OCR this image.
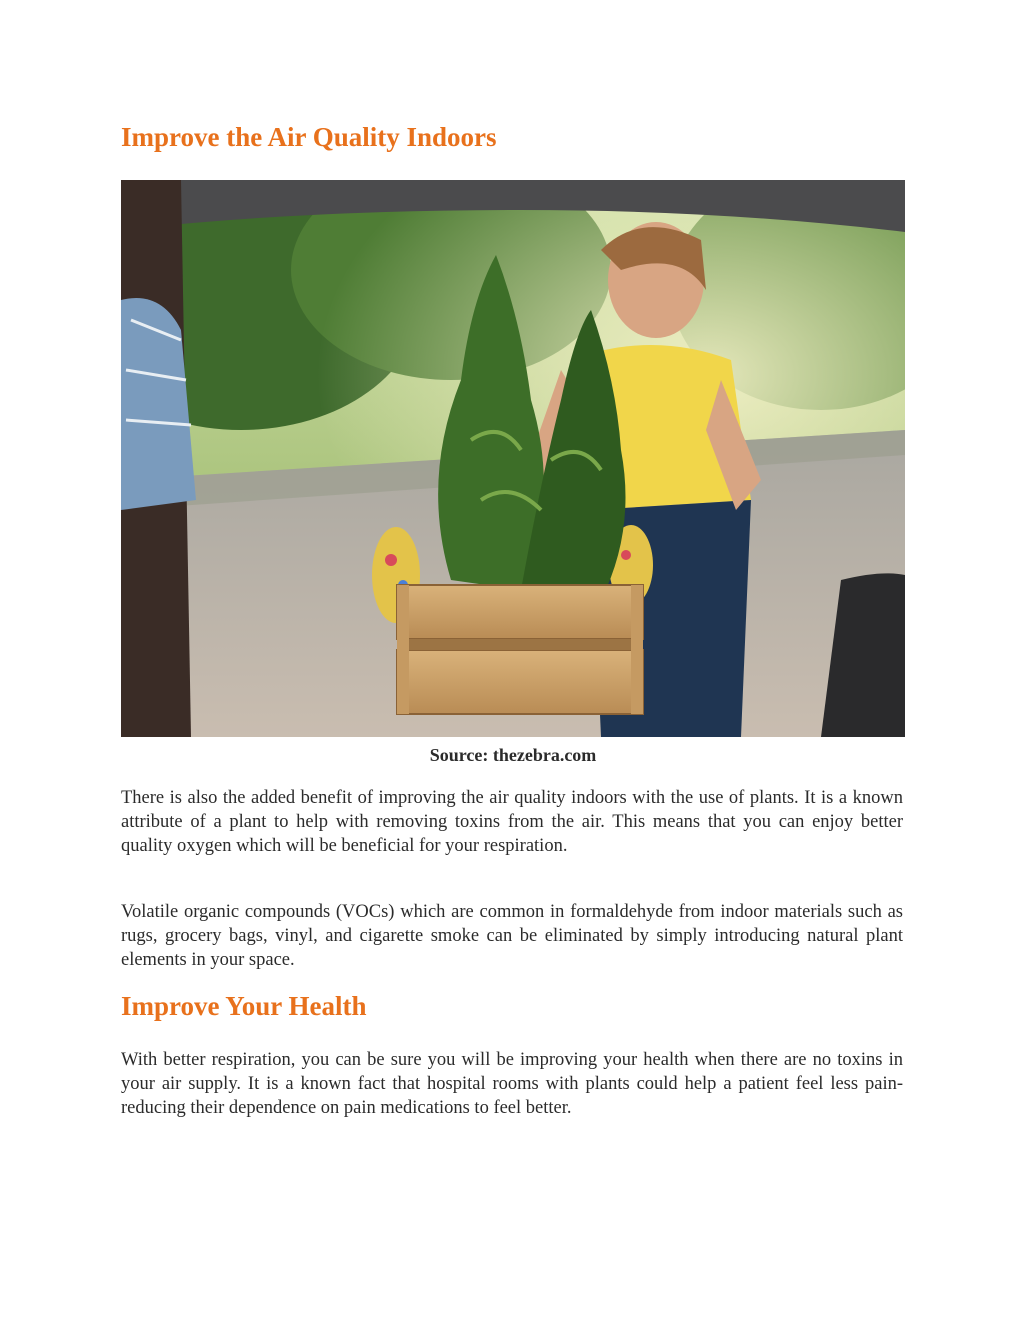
Improve the Air Quality Indoors
Source: thezebra.com

There is also the added benefit of improving the air quality indoors with the use of plants. It is a known attribute of a plant to help with removing toxins from the air. This means that you can enjoy better quality oxygen which will be beneficial for your respiration.

Volatile organic compounds (VOCs) which are common in formaldehyde from indoor materials such as rugs, grocery bags, vinyl, and cigarette smoke can be eliminated by simply introducing natural plant elements in your space.

Improve Your Health

With better respiration, you can be sure you will be improving your health when there are no toxins in your air supply. It is a known fact that hospital rooms with plants could help a patient feel less pain-reducing their dependence on pain medications to feel better.
